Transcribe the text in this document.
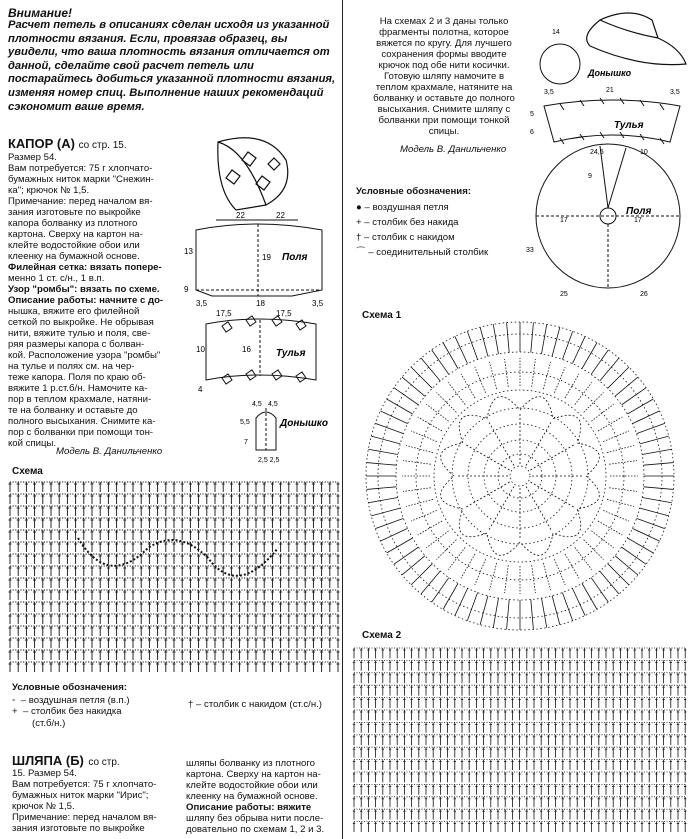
Внимание!
Расчет петель в описаниях сделан исходя из указанной
плотности вязания. Если, провязав образец, вы
увидели, что ваша плотность вязания отличается от
данной, сделайте свой расчет петель или
постарайтесь добиться указанной плотности вязания,
изменяя номер спиц. Выполнение наших рекомендаций
сэкономит ваше время.
КАПОР (А) со стр. 15.
Размер 54.
Вам потребуется: 75 г хлопчато-
бумажных ниток марки "Снежин-
ка"; крючок № 1,5.
Примечание: перед началом вя-
зания изготовьте по выкройке
капора болванку из плотного
картона. Сверху на картон на-
клейте водостойкие обои или
клеенку на бумажной основе.
Филейная сетка: вязать попере-
менно 1 ст. с/н., 1 в.п.
Узор "ромбы": вязать по схеме.
Описание работы: начните с до-
нышка, вяжите его филейной
сеткой по выкройке. Не обрывая
нити, вяжите тулью и поля, све-
ряя размеры капора с болван-
кой. Расположение узора "ромбы"
на тулье и полях см. на чер-
теже капора. Поля по краю об-
вяжите 1 р.ст.б/н. Намочите ка-
пор в теплом крахмале, натяни-
те на болванку и оставьте до
полного высыхания. Снимите ка-
пор с болванки при помощи тон-
кой спицы.
Модель В. Данильченко
22	22
13
19
9
Поля
3,5	18	3,5
17,5	17,5
10	16	Тулья
4
4,5 4,5
5,5
7
2,5 2,5
Донышко
Схема
Условные обозначения:
◦ – воздушная петля (в.п.)
+ – столбик без накидка
(ст.б/н.)
† – столбик с накидом (ст.с/н.)
ШЛЯПА (Б) со стр.
15. Размер 54.
Вам потребуется: 75 г хлопчато-
бумажных ниток марки "Ирис";
крючок № 1,5.
Примечание: перед началом вя-
зания изготовьте по выкройке
шляпы болванку из плотного
картона. Сверху на картон на-
клейте водостойкие обои или
клеенку на бумажной основе.
Описание работы: вяжите
шляпу без обрыва нити после-
довательно по схемам 1, 2 и 3.
На схемах 2 и 3 даны только
фрагменты полотна, которое
вяжется по кругу. Для лучшего
сохранения формы вводите
крючок под обе нити косички.
Готовую шляпу намочите в
теплом крахмале, натяните на
болванку и оставьте до полного
высыхания. Снимите шляпу с
болванки при помощи тонкой
спицы.
Модель В. Данильченко
14
Донышко
3,5	21	3,5
Тулья
5
6
24,5	10
Поля
17	17
9
25	26
33
Условные обозначения:
● – воздушная петля
+ – столбик без накида
† – столбик с накидом
⌒ – соединительный столбик
Схема 1
Схема 2
